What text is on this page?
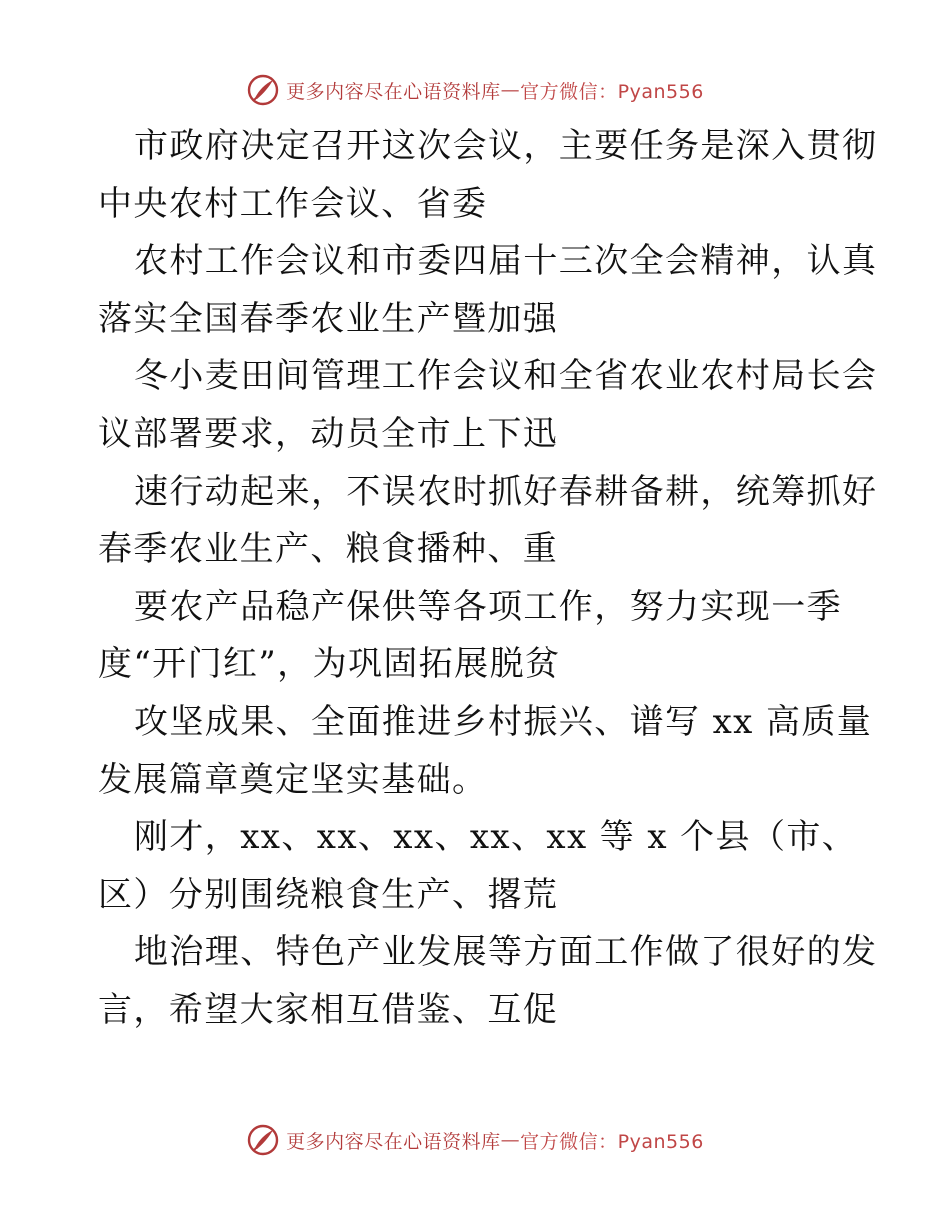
更多内容尽在心语资料库 — 官方微信：Pyan556
市政府决定召开这次会议，主要任务是深入贯彻
中央农村工作会议、省委
农村工作会议和市委四届十三次全会精神，认真
落实全国春季农业生产暨加强
冬小麦田间管理工作会议和全省农业农村局长会
议部署要求，动员全市上下迅
速行动起来，不误农时抓好春耕备耕，统筹抓好
春季农业生产、粮食播种、重
要农产品稳产保供等各项工作，努力实现一季
度“开门红”，为巩固拓展脱贫
攻坚成果、全面推进乡村振兴、谱写 xx 高质量
发展篇章奠定坚实基础。
刚才，xx、xx、xx、xx、xx 等 x 个县（市、
区）分别围绕粮食生产、撂荒
地治理、特色产业发展等方面工作做了很好的发
言，希望大家相互借鉴、互促
更多内容尽在心语资料库 — 官方微信：Pyan556
